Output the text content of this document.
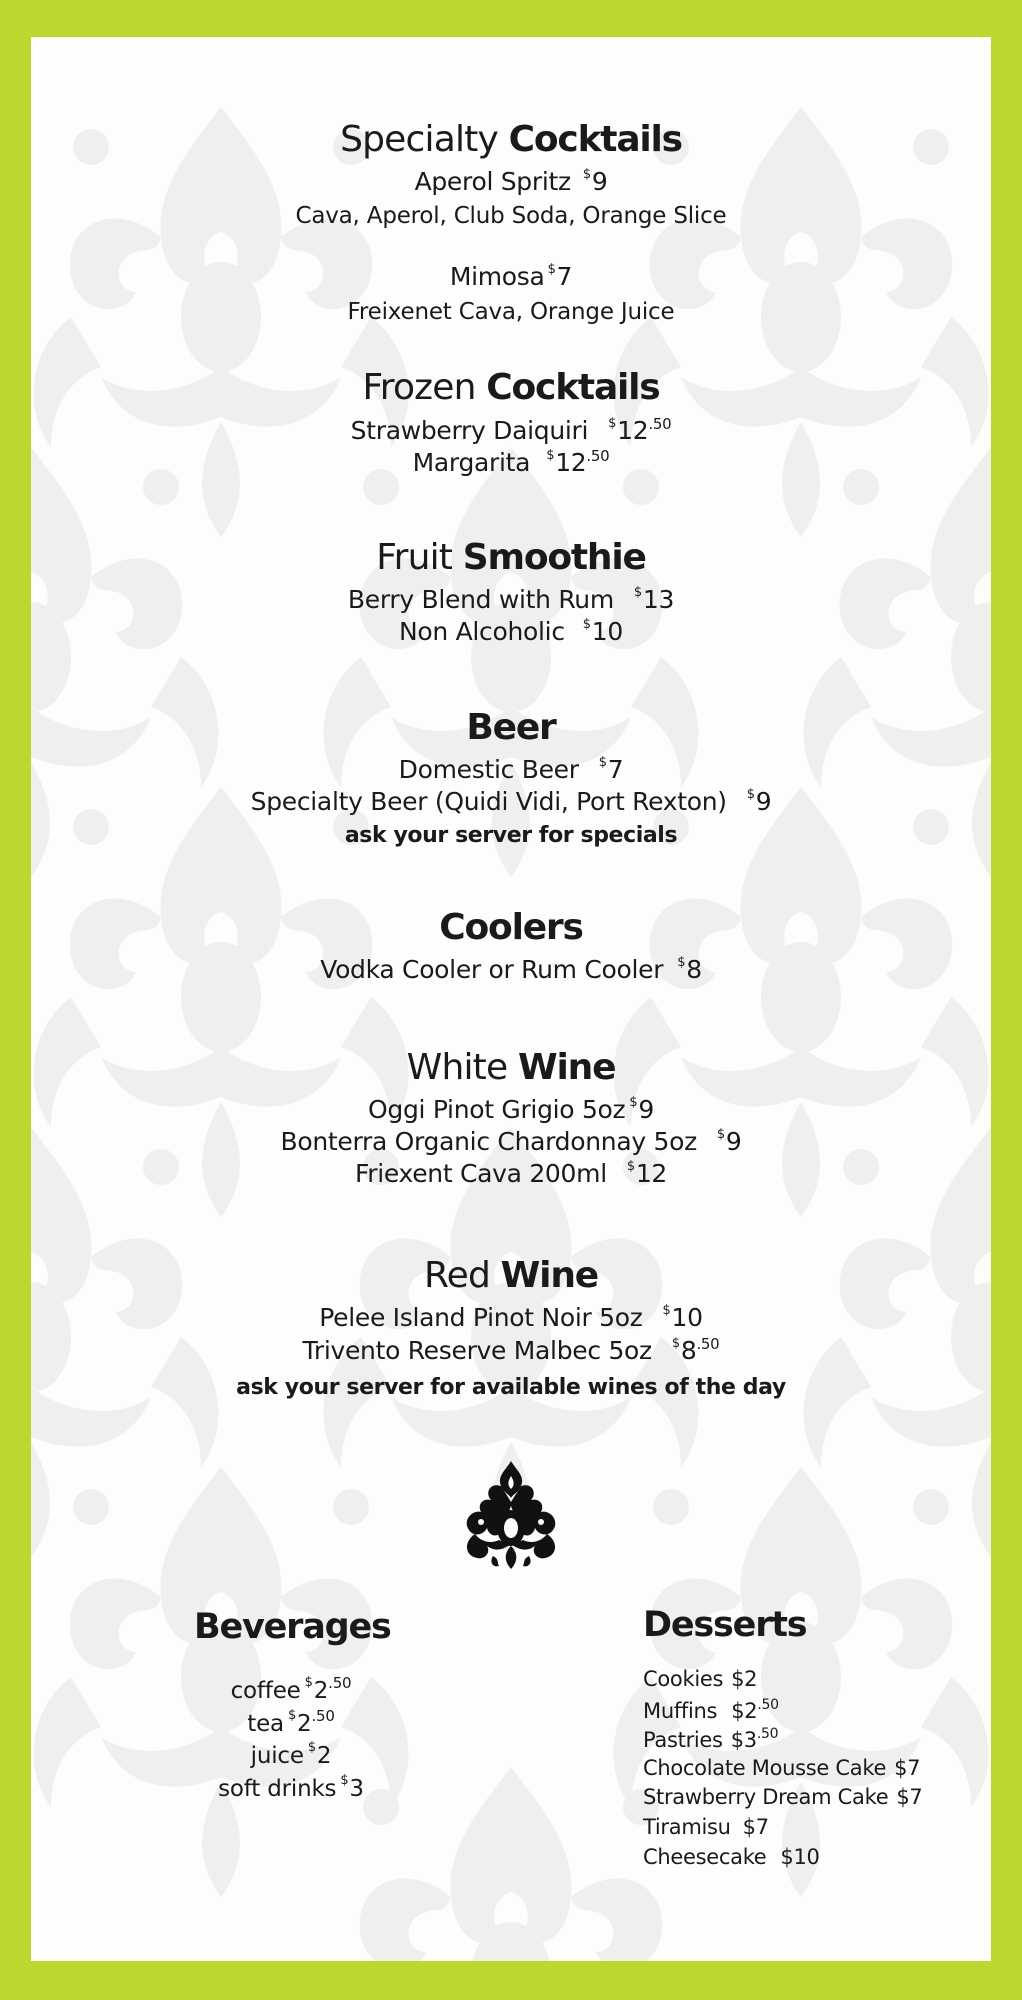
Specialty Cocktails
Aperol Spritz $9
Cava, Aperol, Club Soda, Orange Slice
Mimosa $7
Freixenet Cava, Orange Juice
Frozen Cocktails
Strawberry Daiquiri $^{\$}12^{.50}$
Margarita $^{\$}12^{.50}$
Fruit Smoothie
Berry Blend with Rum $13
Non Alcoholic $10
Beer
Domestic Beer $7
Specialty Beer (Quidi Vidi, Port Rexton) $9
ask your server for specials
Coolers
Vodka Cooler or Rum Cooler $8
White Wine
Oggi Pinot Grigio 5oz $9
Bonterra Organic Chardonnay 5oz $9
Friexent Cava 200ml $12
Red Wine
Pelee Island Pinot Noir 5oz $10
Trivento Reserve Malbec 5oz $^{\$}8^{.50}$
ask your server for available wines of the day
Beverages
coffee $^{\$}2^{.50}$
tea $^{\$}2^{.50}$
juice $2
soft drinks $3
Desserts
Cookies $2
Muffins $\$2^{.50}$
Pastries $\$3^{.50}$
Chocolate Mousse Cake $7
Strawberry Dream Cake $7
Tiramisu $7
Cheesecake $10
